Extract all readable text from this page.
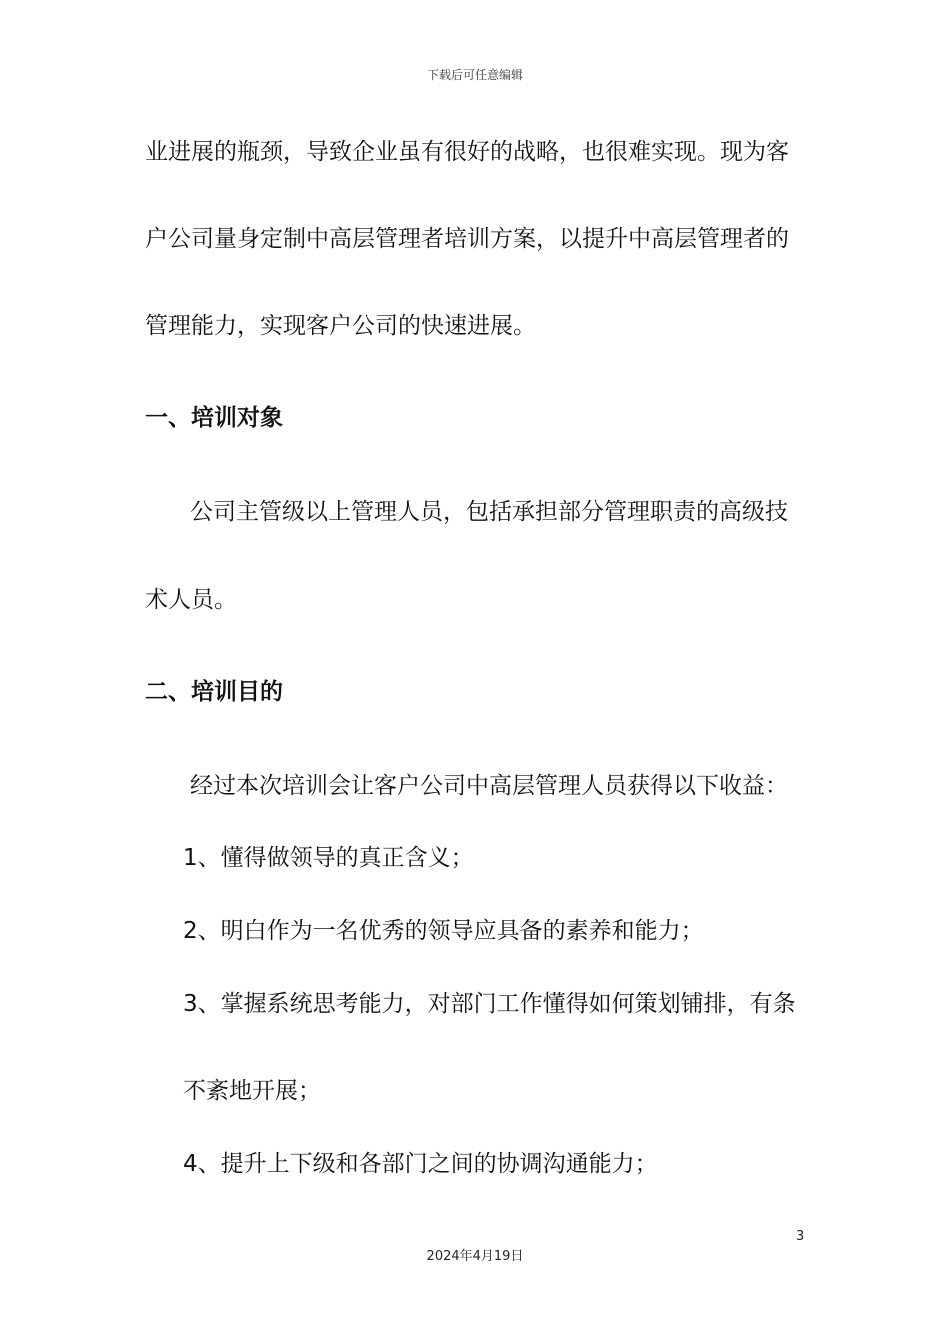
下载后可任意编辑
业进展的瓶颈，导致企业虽有很好的战略，也很难实现。现为客
户公司量身定制中高层管理者培训方案，以提升中高层管理者的
管理能力，实现客户公司的快速进展。
一、培训对象
公司主管级以上管理人员，包括承担部分管理职责的高级技
术人员。
二、培训目的
经过本次培训会让客户公司中高层管理人员获得以下收益：
1、懂得做领导的真正含义；
2、明白作为一名优秀的领导应具备的素养和能力；
3、掌握系统思考能力，对部门工作懂得如何策划铺排，有条
不紊地开展；
4、提升上下级和各部门之间的协调沟通能力；
3
2024年4月19日
